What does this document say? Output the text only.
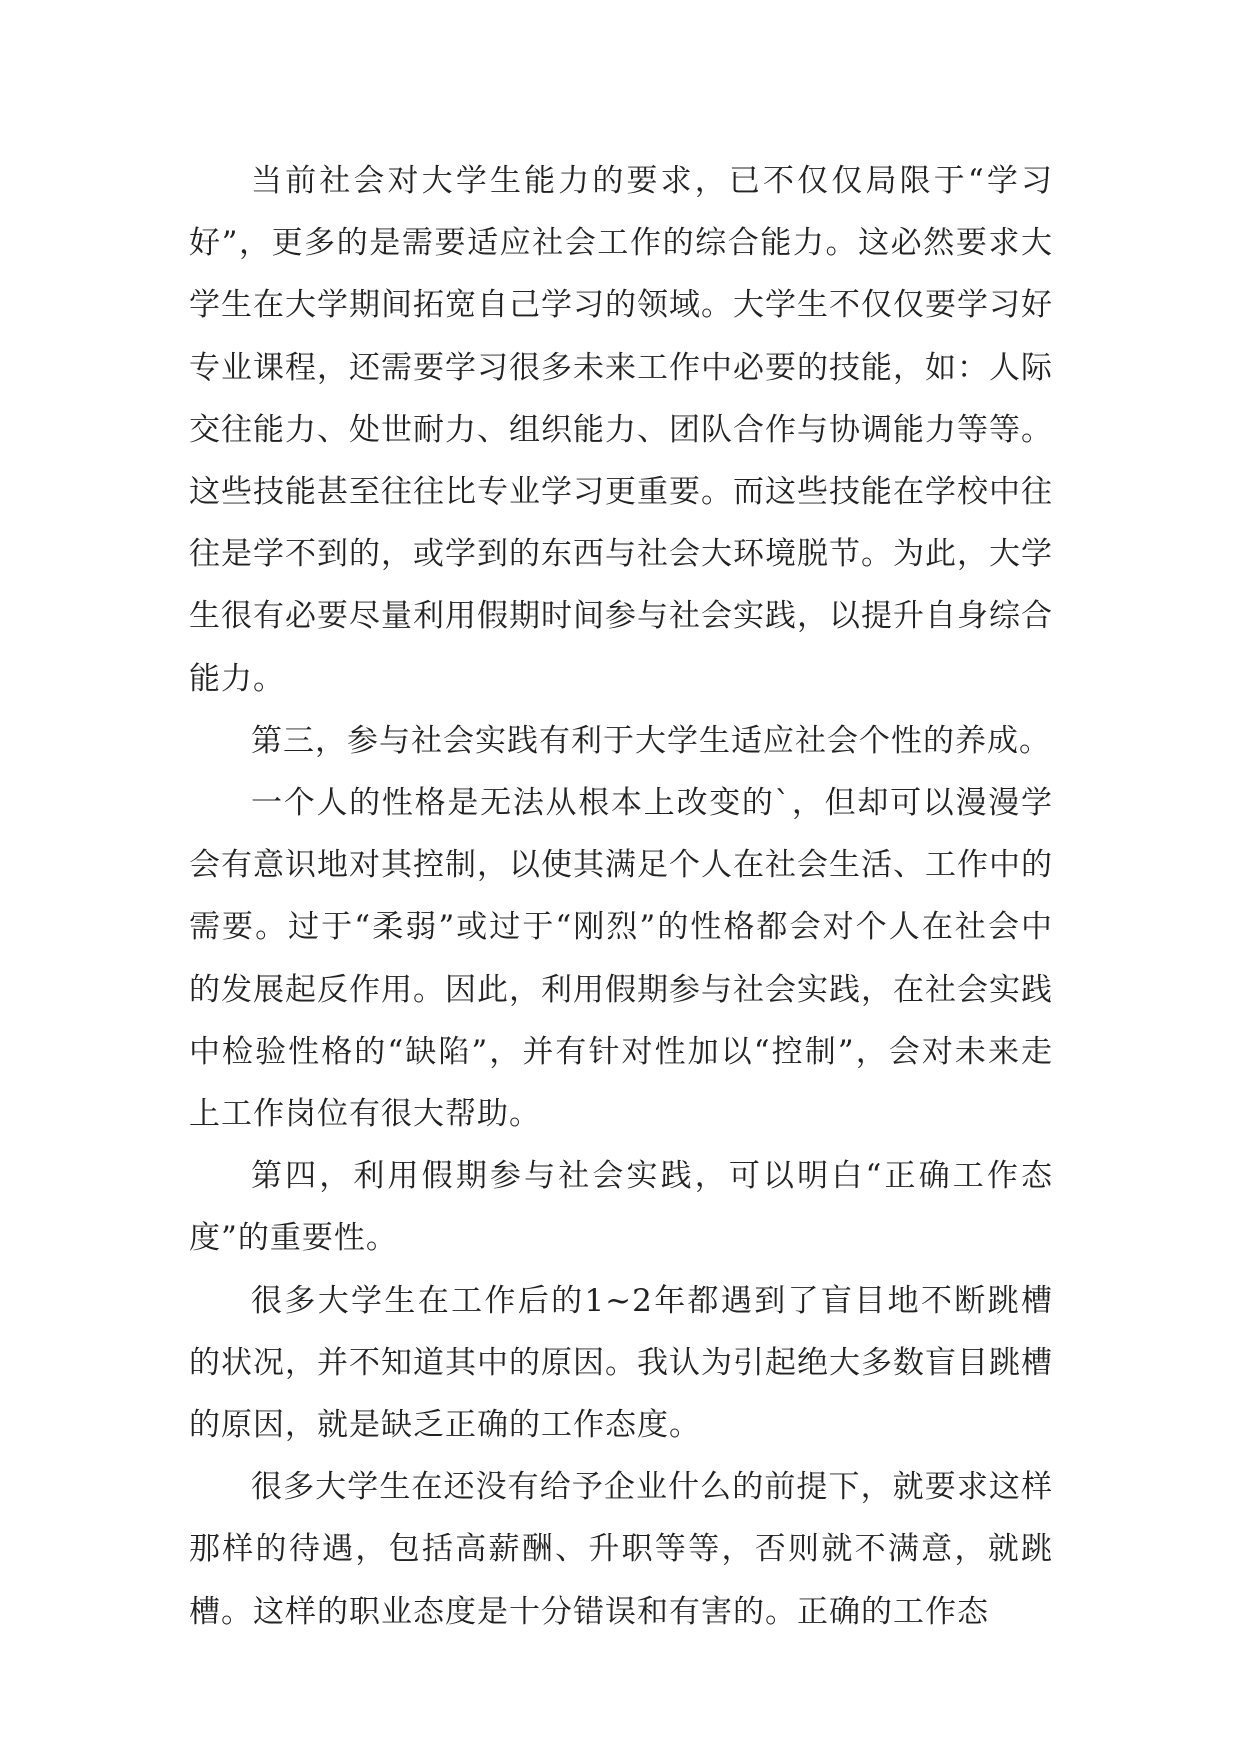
当前社会对大学生能力的要求，已不仅仅局限于“学习好”，更多的是需要适应社会工作的综合能力。这必然要求大学生在大学期间拓宽自己学习的领域。大学生不仅仅要学习好专业课程，还需要学习很多未来工作中必要的技能，如：人际交往能力、处世耐力、组织能力、团队合作与协调能力等等。这些技能甚至往往比专业学习更重要。而这些技能在学校中往往是学不到的，或学到的东西与社会大环境脱节。为此，大学生很有必要尽量利用假期时间参与社会实践，以提升自身综合能力。

第三，参与社会实践有利于大学生适应社会个性的养成。

一个人的性格是无法从根本上改变的`，但却可以漫漫学会有意识地对其控制，以使其满足个人在社会生活、工作中的需要。过于“柔弱”或过于“刚烈”的性格都会对个人在社会中的发展起反作用。因此，利用假期参与社会实践，在社会实践中检验性格的“缺陷”，并有针对性加以“控制”，会对未来走上工作岗位有很大帮助。

第四，利用假期参与社会实践，可以明白“正确工作态度”的重要性。

很多大学生在工作后的1~2年都遇到了盲目地不断跳槽的状况，并不知道其中的原因。我认为引起绝大多数盲目跳槽的原因，就是缺乏正确的工作态度。

很多大学生在还没有给予企业什么的前提下，就要求这样那样的待遇，包括高薪酬、升职等等，否则就不满意，就跳槽。这样的职业态度是十分错误和有害的。正确的工作态
